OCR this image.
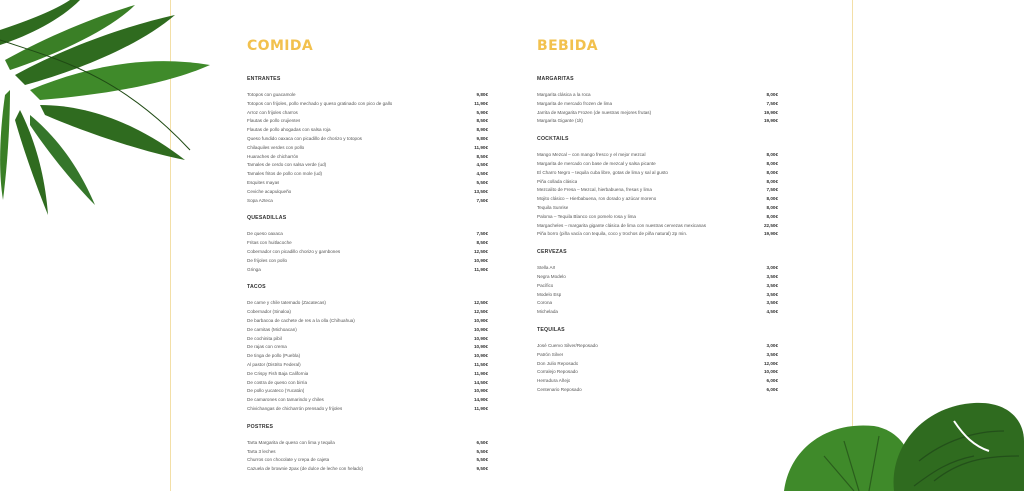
COMIDA
ENTRANTES
Totopos con guacamole	9,80€
Totopos con frijoles, pollo mechado y queso gratinado con pico de gallo	11,90€
Arroz con frijoles charros	5,90€
Flautas de pollo crujientes	8,50€
Flautas de pollo ahogadas con salsa roja	8,90€
Queso fundido oaxaca con picadillo de chorizo y totopos	9,80€
Chilaquiles verdes con pollo	11,90€
Huaraches de chicharrón	8,50€
Tamales de cerdo con salsa verde (ud)	4,50€
Tamales fritos de pollo con mole (ud)	4,50€
Esquites mayas	5,50€
Ceviche acapulqueño	13,50€
Sopa Azteca	7,50€
QUESADILLAS
De queso oaxaca	7,50€
Fritas con huitlacoche	8,50€
Cobernador con picadillo chorizo y gambones	12,50€
De frijoles con pollo	10,90€
Gringa	11,90€
TACOS
De carne y chile tatemado (Zacatecas)	12,50€
Cobernador (Sinaloa)	12,50€
De barbacoa de cachete de res a la olla (Chihuahua)	10,90€
De carnitas (Michoacan)	10,90€
De cochinita pibil	10,90€
De rajas con crema	10,90€
De tinga de pollo (Puebla)	10,90€
Al pastor (Distrito Federal)	11,50€
De Crispy Fish Baja California	11,90€
De costra de queso con birria	14,50€
De pollo yucateco (Yucatán)	10,90€
De camarones con tamarindo y chiles	14,90€
Chivichangas de chicharrón prensado y frijoles	11,90€
POSTRES
Tarta Margarita de queso con lima y tequila	6,50€
Tarta 3 leches	5,50€
Churros con chocolate y crepa de cajeta	5,50€
Cazuela de brownie 2pax (de dulce de leche con helado)	9,50€
BEBIDA
MARGARITAS
Margarita clásica a la roca	8,00€
Margarita de mercado frozen de lima	7,50€
Jarrita de Margarita Frozen (de nuestras mejores frutas)	19,90€
Margarita Gigante (1lt)	19,90€
COCKTAILS
Mango Mezcal – con mango fresco y el mejor mezcal	8,00€
Margarita de mercado con base de mezcal y salsa picante	8,00€
El Charro Negro – tequila cuba libre, gotas de lima y sal al gusto	8,00€
Piña collada clásica	8,00€
Mezcalito de Fresa – Mezcal, hierbabuena, fresas y lima	7,50€
Mojito clásico – Hierbabuena, ron dorado y azúcar moreno	8,00€
Tequila Sunrise	8,00€
Paloma – Tequila Blanco con pomelo rosa y lima	8,00€
Margacheles – margarita gigante clásica de lima con nuestras cervezas mexicanas	22,50€
Piña borro (piña vacía con tequila, coco y trochos de piña natural) 2p min.	19,90€
CERVEZAS
Stella Art	3,00€
Negra Modelo	3,50€
Pacífico	3,50€
Modelo Esp	3,50€
Corona	3,50€
Michelada	4,50€
TEQUILAS
José Cuervo Silver/Reposado	3,00€
Patrón Silver	3,50€
Don Julio Reposado	12,00€
Corralejo Reposado	10,00€
Herradura Añejo	6,00€
Centenario Reposado	6,00€
